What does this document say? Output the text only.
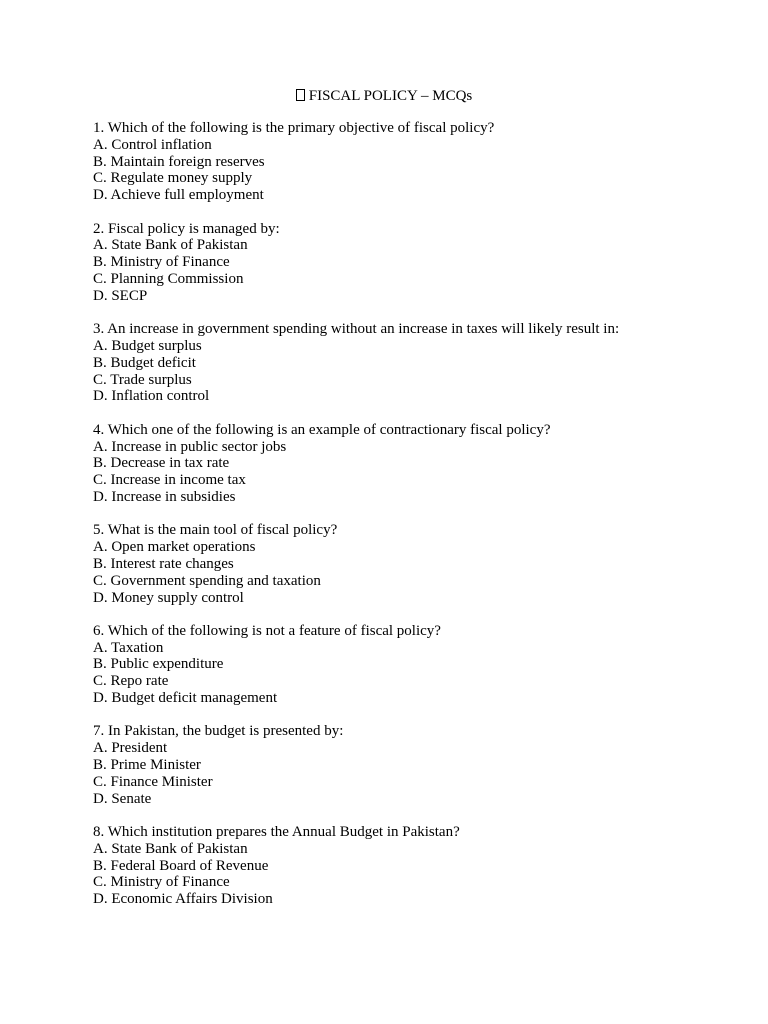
FISCAL POLICY – MCQs
1. Which of the following is the primary objective of fiscal policy?
A. Control inflation
B. Maintain foreign reserves
C. Regulate money supply
D. Achieve full employment
2. Fiscal policy is managed by:
A. State Bank of Pakistan
B. Ministry of Finance
C. Planning Commission
D. SECP
3. An increase in government spending without an increase in taxes will likely result in:
A. Budget surplus
B. Budget deficit
C. Trade surplus
D. Inflation control
4. Which one of the following is an example of contractionary fiscal policy?
A. Increase in public sector jobs
B. Decrease in tax rate
C. Increase in income tax
D. Increase in subsidies
5. What is the main tool of fiscal policy?
A. Open market operations
B. Interest rate changes
C. Government spending and taxation
D. Money supply control
6. Which of the following is not a feature of fiscal policy?
A. Taxation
B. Public expenditure
C. Repo rate
D. Budget deficit management
7. In Pakistan, the budget is presented by:
A. President
B. Prime Minister
C. Finance Minister
D. Senate
8. Which institution prepares the Annual Budget in Pakistan?
A. State Bank of Pakistan
B. Federal Board of Revenue
C. Ministry of Finance
D. Economic Affairs Division
